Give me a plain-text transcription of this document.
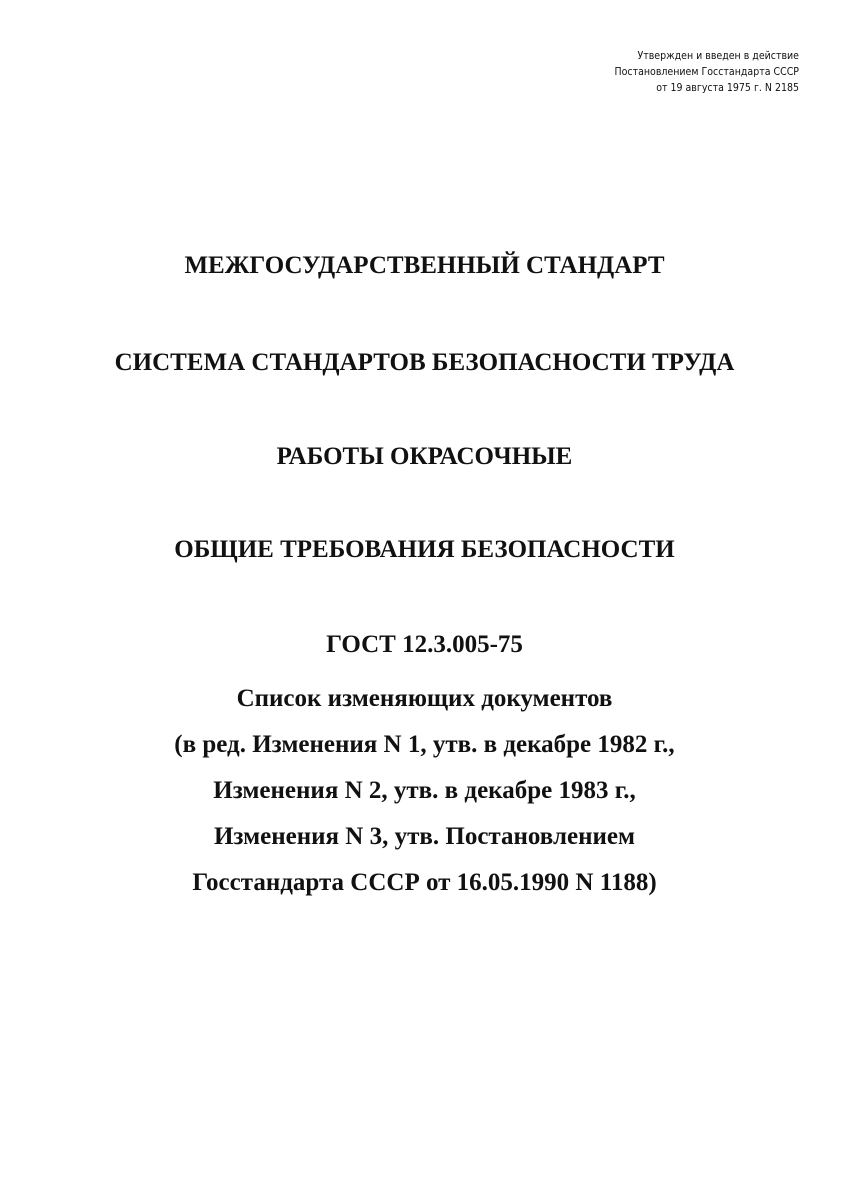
Утвержден и введен в действие
Постановлением Госстандарта СССР
от 19 августа 1975 г. N 2185
МЕЖГОСУДАРСТВЕННЫЙ СТАНДАРТ
СИСТЕМА СТАНДАРТОВ БЕЗОПАСНОСТИ ТРУДА
РАБОТЫ ОКРАСОЧНЫЕ
ОБЩИЕ ТРЕБОВАНИЯ БЕЗОПАСНОСТИ
ГОСТ 12.3.005-75
Список изменяющих документов
(в ред. Изменения N 1, утв. в декабре 1982 г.,
Изменения N 2, утв. в декабре 1983 г.,
Изменения N 3, утв. Постановлением
Госстандарта СССР от 16.05.1990 N 1188)
